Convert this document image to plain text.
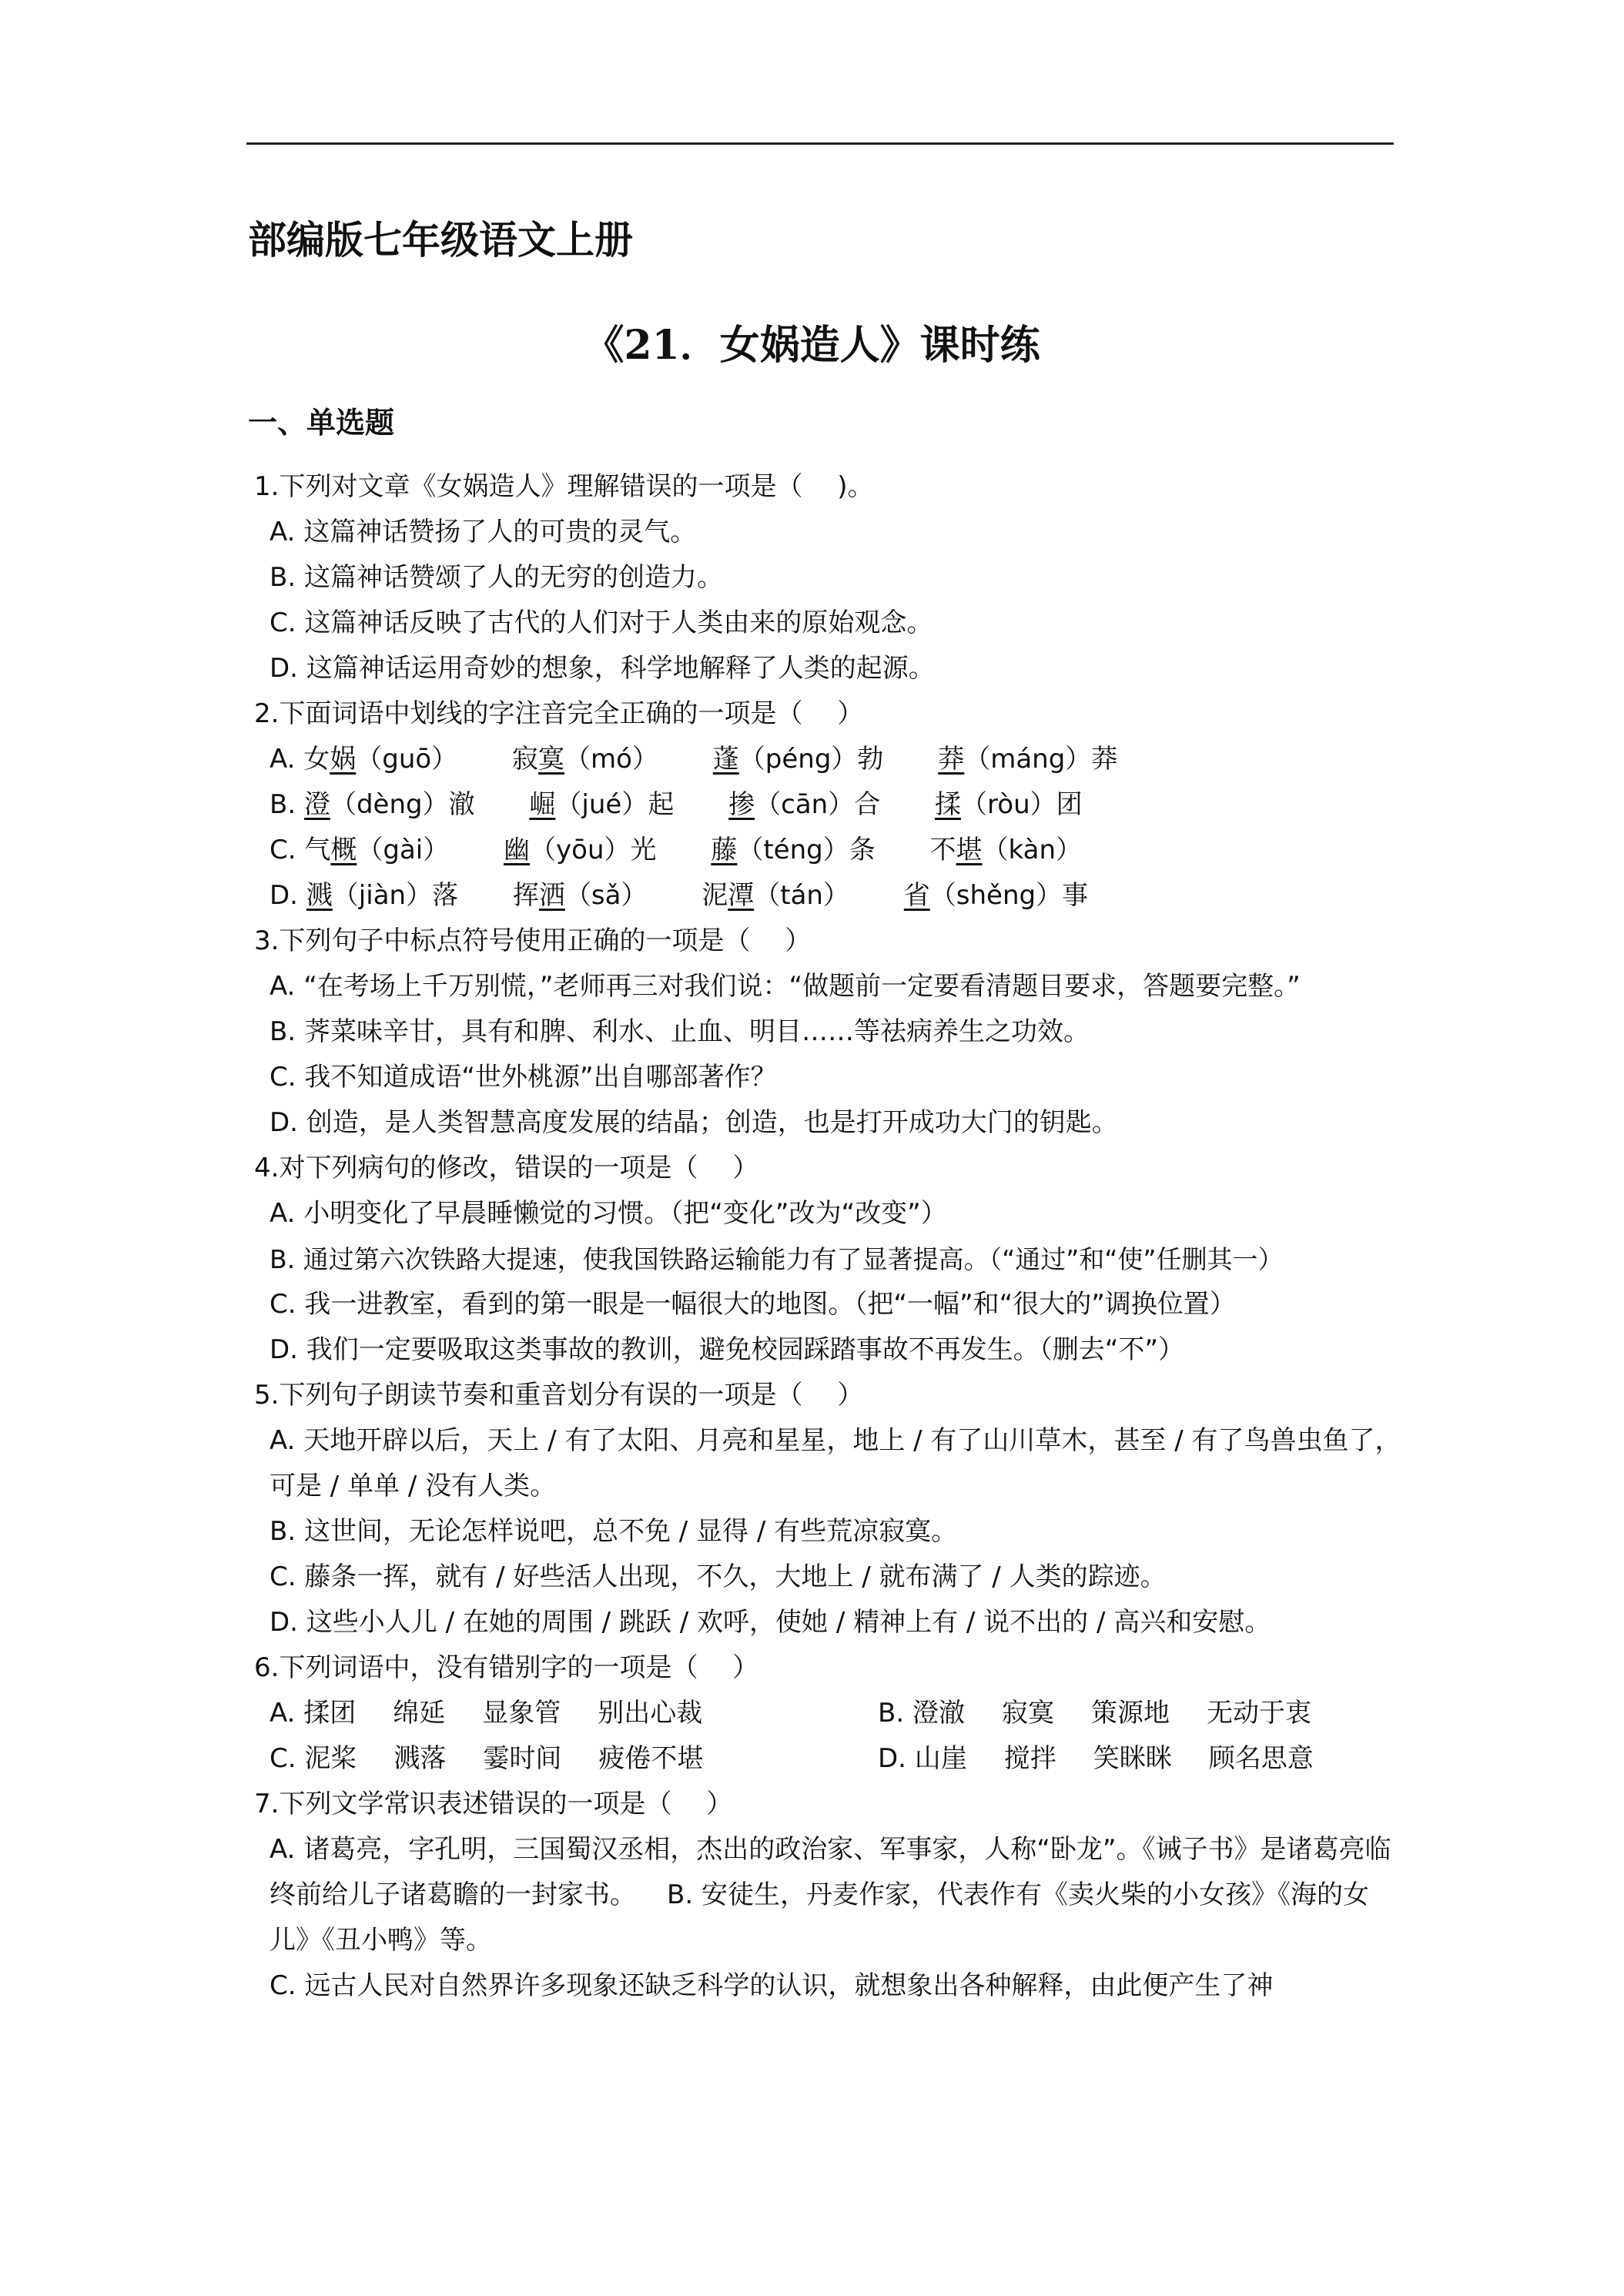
部编版七年级语文上册
《21．女娲造人》课时练
一、单选题
1.下列对文章《女娲造人》理解错误的一项是（　 )。
A. 这篇神话赞扬了人的可贵的灵气。
B. 这篇神话赞颂了人的无穷的创造力。
C. 这篇神话反映了古代的人们对于人类由来的原始观念。
D. 这篇神话运用奇妙的想象，科学地解释了人类的起源。
2.下面词语中划线的字注音完全正确的一项是（　 ）
A. 女娲（guō） 寂寞（mó） 蓬（péng）勃 莽（máng）莽
B. 澄（dèng）澈 崛（jué）起 掺（cān）合 揉（ròu）团
C. 气概（gài） 幽（yōu）光 藤（téng）条 不堪（kàn）
D. 溅（jiàn）落 挥洒（sǎ） 泥潭（tán） 省（shěng）事
3.下列句子中标点符号使用正确的一项是（　 ）
A. “在考场上千万别慌，”老师再三对我们说：“做题前一定要看清题目要求，答题要完整。”
B. 荠菜味辛甘，具有和脾、利水、止血、明目……等祛病养生之功效。
C. 我不知道成语“世外桃源”出自哪部著作？
D. 创造，是人类智慧高度发展的结晶；创造，也是打开成功大门的钥匙。
4.对下列病句的修改，错误的一项是（　 ）
A. 小明变化了早晨睡懒觉的习惯。（把“变化”改为“改变”）
B. 通过第六次铁路大提速，使我国铁路运输能力有了显著提高。（“通过”和“使”任删其一）
C. 我一进教室，看到的第一眼是一幅很大的地图。（把“一幅”和“很大的”调换位置）
D. 我们一定要吸取这类事故的教训，避免校园踩踏事故不再发生。（删去“不”）
5.下列句子朗读节奏和重音划分有误的一项是（　 ）
A. 天地开辟以后，天上 / 有了太阳、月亮和星星，地上 / 有了山川草木，甚至 / 有了鸟兽虫鱼了，可是 / 单单 / 没有人类。
B. 这世间，无论怎样说吧，总不免 / 显得 / 有些荒凉寂寞。
C. 藤条一挥，就有 / 好些活人出现，不久，大地上 / 就布满了 / 人类的踪迹。
D. 这些小人儿 / 在她的周围 / 跳跃 / 欢呼，使她 / 精神上有 / 说不出的 / 高兴和安慰。
6.下列词语中，没有错别字的一项是（　 ）
A. 揉团 绵延 显象管 别出心裁	B. 澄澈 寂寞 策源地 无动于衷
C. 泥桨 溅落 霎时间 疲倦不堪	D. 山崖 搅拌 笑眯眯 顾名思意
7.下列文学常识表述错误的一项是（　 ）
A. 诸葛亮，字孔明，三国蜀汉丞相，杰出的政治家、军事家，人称“卧龙”。《诫子书》是诸葛亮临终前给儿子诸葛瞻的一封家书。 B. 安徒生，丹麦作家，代表作有《卖火柴的小女孩》《海的女儿》《丑小鸭》等。
C. 远古人民对自然界许多现象还缺乏科学的认识，就想象出各种解释，由此便产生了神
